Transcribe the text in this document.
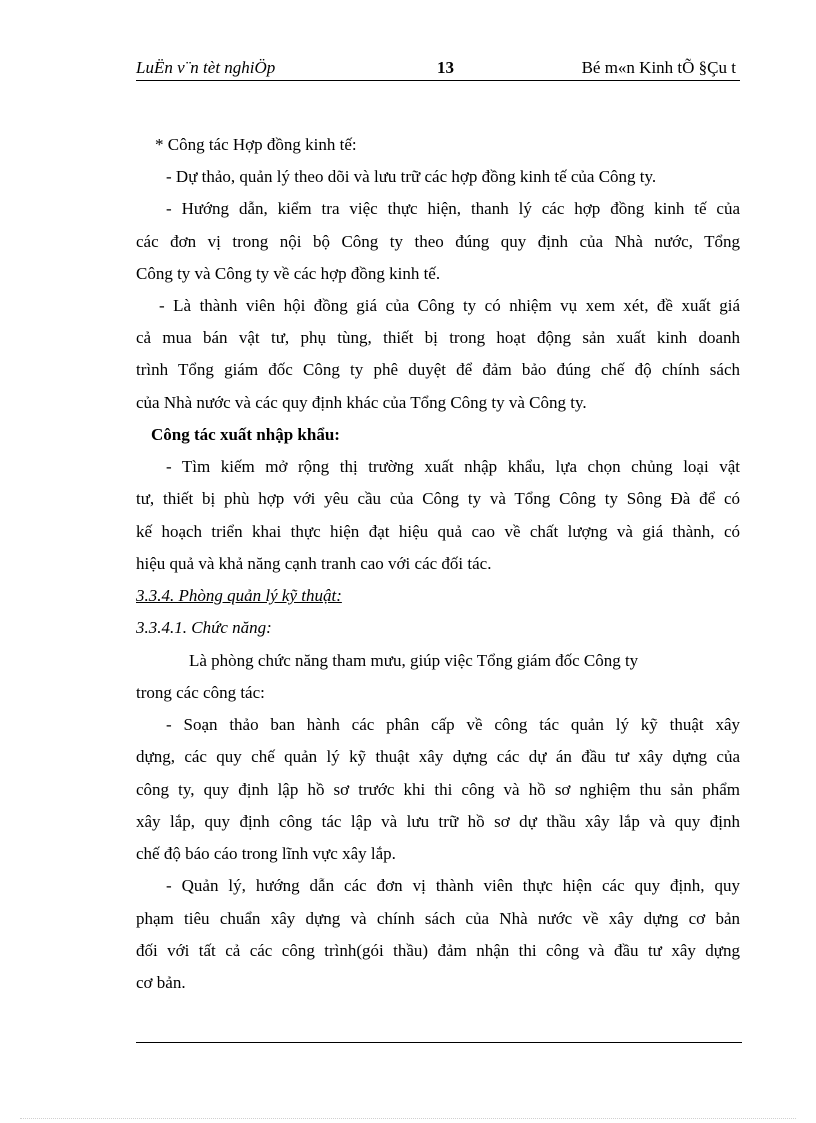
LuËn v¨n tèt nghiÖp	13	Bé m«n Kinh tÕ §Çu t
* Công tác Hợp đồng kinh tế:
- Dự thảo, quản lý theo dõi và lưu trữ các hợp đồng kinh tế của Công ty.
- Hướng dẫn, kiểm tra việc thực hiện, thanh lý các hợp đồng kinh tế của
các đơn vị trong nội bộ Công ty theo đúng quy định của Nhà nước, Tổng
Công ty và Công ty về các hợp đồng kinh tế.
- Là thành viên hội đồng giá của Công ty có nhiệm vụ xem xét, đề xuất giá
cả mua bán vật tư, phụ tùng, thiết bị trong hoạt động sản xuất kinh doanh
trình Tổng giám đốc Công ty phê duyệt để đảm bảo đúng chế độ chính sách
của Nhà nước và các quy định khác của Tổng Công ty và Công ty.
Công tác xuất nhập khẩu:
- Tìm kiếm mở rộng thị trường xuất nhập khẩu, lựa chọn chủng loại vật
tư, thiết bị phù hợp với yêu cầu của Công ty và Tổng Công ty Sông Đà để có
kế hoạch triển khai thực hiện đạt hiệu quả cao về chất lượng và giá thành, có
hiệu quả và khả năng cạnh tranh cao với các đối tác.
3.3.4. Phòng quản lý kỹ thuật:
3.3.4.1. Chức năng:
Là phòng chức năng tham mưu, giúp việc Tổng giám đốc Công ty
trong các công tác:
- Soạn thảo ban hành các phân cấp về công tác quản lý kỹ thuật xây
dựng, các quy chế quản lý kỹ thuật xây dựng các dự án đầu tư xây dựng của
công ty, quy định lập hồ sơ trước khi thi công và hồ sơ nghiệm thu sản phẩm
xây lắp, quy định công tác lập và lưu trữ hồ sơ dự thầu xây lắp và quy định
chế độ báo cáo trong lĩnh vực xây lắp.
- Quản lý, hướng dẫn các đơn vị thành viên thực hiện các quy định, quy
phạm tiêu chuẩn xây dựng và chính sách của Nhà nước về xây dựng cơ bản
đối với tất cả các công trình(gói thầu) đảm nhận thi công và đầu tư xây dựng
cơ bản.
